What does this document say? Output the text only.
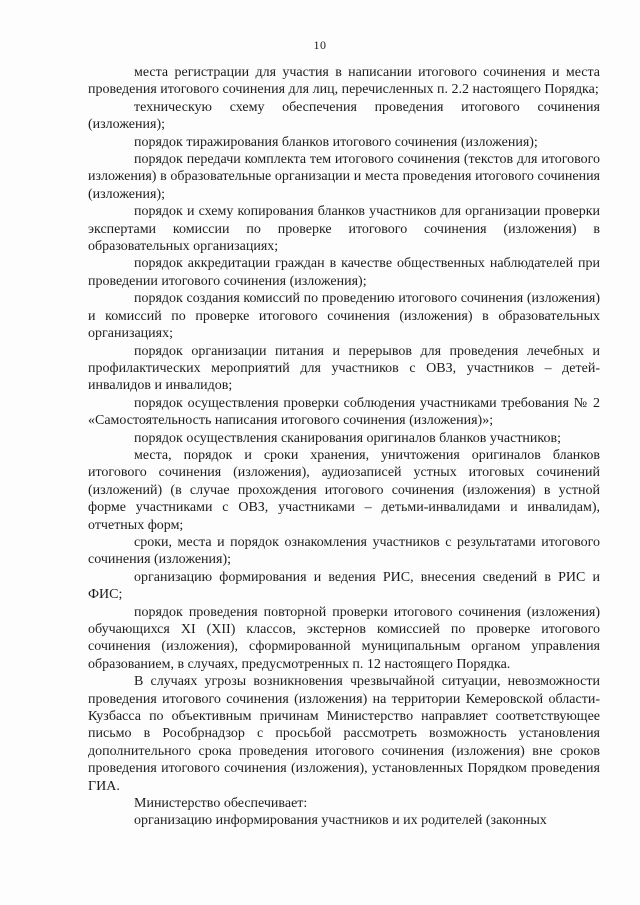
10

места регистрации для участия в написании итогового сочинения и места проведения итогового сочинения для лиц, перечисленных п. 2.2 настоящего Порядка;

техническую схему обеспечения проведения итогового сочинения (изложения);

порядок тиражирования бланков итогового сочинения (изложения);

порядок передачи комплекта тем итогового сочинения (текстов для итогового изложения) в образовательные организации и места проведения итогового сочинения (изложения);

порядок и схему копирования бланков участников для организации проверки экспертами комиссии по проверке итогового сочинения (изложения) в образовательных организациях;

порядок аккредитации граждан в качестве общественных наблюдателей при проведении итогового сочинения (изложения);

порядок создания комиссий по проведению итогового сочинения (изложения) и комиссий по проверке итогового сочинения (изложения) в образовательных организациях;

порядок организации питания и перерывов для проведения лечебных и профилактических мероприятий для участников с ОВЗ, участников – детей-инвалидов и инвалидов;

порядок осуществления проверки соблюдения участниками требования № 2 «Самостоятельность написания итогового сочинения (изложения)»;

порядок осуществления сканирования оригиналов бланков участников;

места, порядок и сроки хранения, уничтожения оригиналов бланков итогового сочинения (изложения), аудиозаписей устных итоговых сочинений (изложений) (в случае прохождения итогового сочинения (изложения) в устной форме участниками с ОВЗ, участниками – детьми-инвалидами и инвалидам), отчетных форм;

сроки, места и порядок ознакомления участников с результатами итогового сочинения (изложения);

организацию формирования и ведения РИС, внесения сведений в РИС и ФИС;

порядок проведения повторной проверки итогового сочинения (изложения) обучающихся XI (XII) классов, экстернов комиссией по проверке итогового сочинения (изложения), сформированной муниципальным органом управления образованием, в случаях, предусмотренных п. 12 настоящего Порядка.

В случаях угрозы возникновения чрезвычайной ситуации, невозможности проведения итогового сочинения (изложения) на территории Кемеровской области-Кузбасса по объективным причинам Министерство направляет соответствующее письмо в Рособрнадзор с просьбой рассмотреть возможность установления дополнительного срока проведения итогового сочинения (изложения) вне сроков проведения итогового сочинения (изложения), установленных Порядком проведения ГИА.

Министерство обеспечивает:

организацию информирования участников и их родителей (законных
